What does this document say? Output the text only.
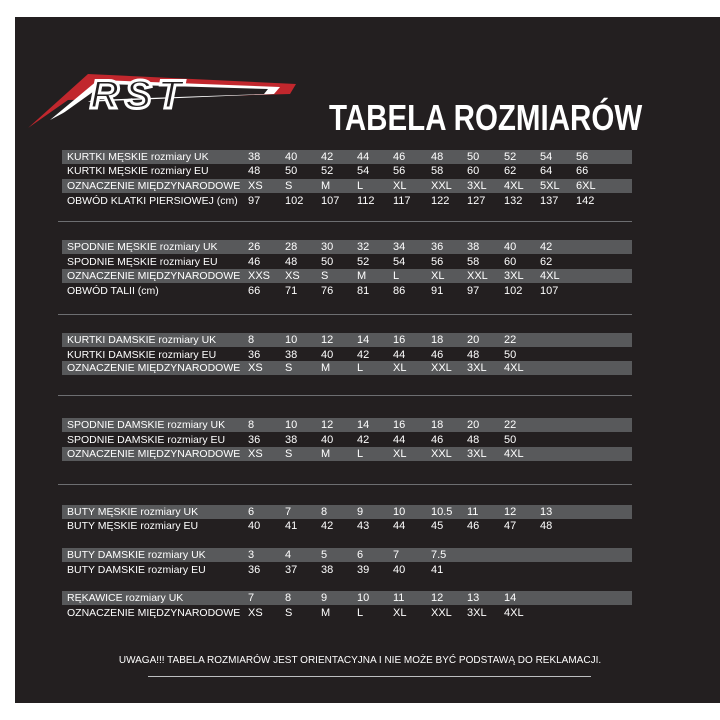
RST
TABELA ROZMIARÓW
UWAGA!!! TABELA ROZMIARÓW JEST ORIENTACYJNA I NIE MOŻE BYĆ PODSTAWĄ DO REKLAMACJI.
KURTKI MĘSKIE rozmiary UK	38 40 42 44 46 48 50 52 54 56
KURTKI MĘSKIE rozmiary EU	48 50 52 54 56 58 60 62 64 66
OZNACZENIE MIĘDZYNARODOWE XS S	M L	XL XXL 3XL 4XL 5XL 6XL
OBWÓD KLATKI PIERSIOWEJ (cm) 97 102 107 112 117 122 127 132 137 142
SPODNIE MĘSKIE rozmiary UK	26 28 30 32 34 36 38 40 42
SPODNIE MĘSKIE rozmiary EU	46 48 50 52 54 56 58 60 62
OZNACZENIE MIĘDZYNARODOWE XXS XS S	M L	XL XXL 3XL 4XL
OBWÓD TALII (cm)	66 71 76 81 86 91 97 102 107
KURTKI DAMSKIE rozmiary UK	8	10 12 14 16 18 20 22
KURTKI DAMSKIE rozmiary EU	36 38 40 42 44 46 48 50
OZNACZENIE MIĘDZYNARODOWE XS S	M L	XL XXL 3XL 4XL
SPODNIE DAMSKIE rozmiary UK 8	10 12 14 16 18 20 22
SPODNIE DAMSKIE rozmiary EU 36 38 40 42 44 46 48 50
OZNACZENIE MIĘDZYNARODOWE XS S	M L	XL XXL 3XL 4XL
BUTY MĘSKIE rozmiary UK	6	7	8	9	10 10.5 11 12 13
BUTY MĘSKIE rozmiary EU	40 41 42 43 44 45 46 47 48
BUTY DAMSKIE rozmiary UK	3	4	5	6	7	7.5
BUTY DAMSKIE rozmiary EU	36 37 38 39 40 41
RĘKAWICE rozmiary UK	7	8	9	10 11 12 13 14
OZNACZENIE MIĘDZYNARODOWE XS S	M L	XL XXL 3XL 4XL
